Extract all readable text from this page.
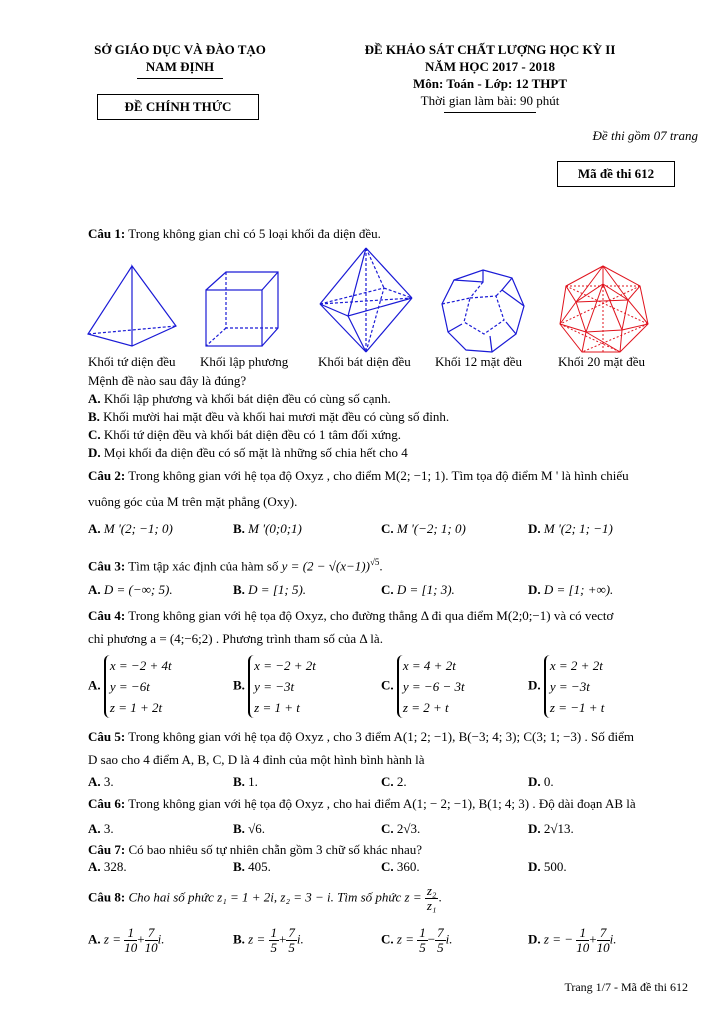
SỞ GIÁO DỤC VÀ ĐÀO TẠO
NAM ĐỊNH
ĐỀ CHÍNH THỨC
ĐỀ KHẢO SÁT CHẤT LƯỢNG HỌC KỲ II
NĂM HỌC 2017 - 2018
Môn: Toán - Lớp: 12 THPT
Thời gian làm bài: 90 phút
Đề thi gồm 07 trang
Mã đề thi 612
Câu 1: Trong không gian chỉ có 5 loại khối đa diện đều.
Khối tứ diện đều Khối lập phương Khối bát diện đều Khối 12 mặt đều	Khối 20 mặt đều
Mệnh đề nào sau đây là đúng?
A. Khối lập phương và khối bát diện đều có cùng số cạnh.
B. Khối mười hai mặt đều và khối hai mươi mặt đều có cùng số đỉnh.
C. Khối tứ diện đều và khối bát diện đều có 1 tâm đối xứng.
D. Mọi khối đa diện đều có số mặt là những số chia hết cho 4
Câu 2: Trong không gian với hệ tọa độ Oxyz , cho điểm M(2; −1; 1). Tìm tọa độ điểm M ' là hình chiếu
vuông góc của M trên mặt phẳng (Oxy).
A. M '(2; −1; 0)	B. M '(0;0;1)	C. M '(−2; 1; 0)	D. M '(2; 1; −1)
Câu 3: Tìm tập xác định của hàm số $y = (2 - √(x-1))^{√5}$.
A. D = (−∞; 5).	B. D = [1; 5).	C. D = [1; 3).	D. D = [1; +∞).
Câu 4: Trong không gian với hệ tọa độ Oxyz, cho đường thẳng Δ đi qua điểm M(2;0;−1) và có vectơ
chỉ phương a = (4;−6;2) . Phương trình tham số của Δ là.
A.
x = −2 + 4t
y = −6t
z = 1 + 2t
B.
x = −2 + 2t
y = −3t
z = 1 + t
C.
x = 4 + 2t
y = −6 − 3t
z = 2 + t
D.
x = 2 + 2t
y = −3t
z = −1 + t
Câu 5: Trong không gian với hệ tọa độ Oxyz , cho 3 điểm A(1; 2; −1), B(−3; 4; 3); C(3; 1; −3) . Số điểm
D sao cho 4 điểm A, B, C, D là 4 đỉnh của một hình bình hành là
A. 3.	B. 1.	C. 2.	D. 0.
Câu 6: Trong không gian với hệ tọa độ Oxyz , cho hai điểm A(1; − 2; −1), B(1; 4; 3) . Độ dài đoạn AB là
A. 3.	B. √6.	C. 2√3.	D. 2√13.
Câu 7: Có bao nhiêu số tự nhiên chẵn gồm 3 chữ số khác nhau?
A. 328.	B. 405.	C. 360.	D. 500.
Câu 8: Cho hai số phức z₁ = 1 + 2i, z₂ = 3 − i. Tìm số phức $z = \frac{\text{z₂}}{\text{z₁}}$ .
A. $z = \frac{1}{10} + \frac{7}{10} i$.	B. $z = \frac{1}{5} + \frac{7}{5} i$.	C. $z = \frac{1}{5} - \frac{7}{5} i$.	D. z = − $\frac{1}{10} + \frac{7}{10} i$.
Trang 1/7 - Mã đề thi 612
